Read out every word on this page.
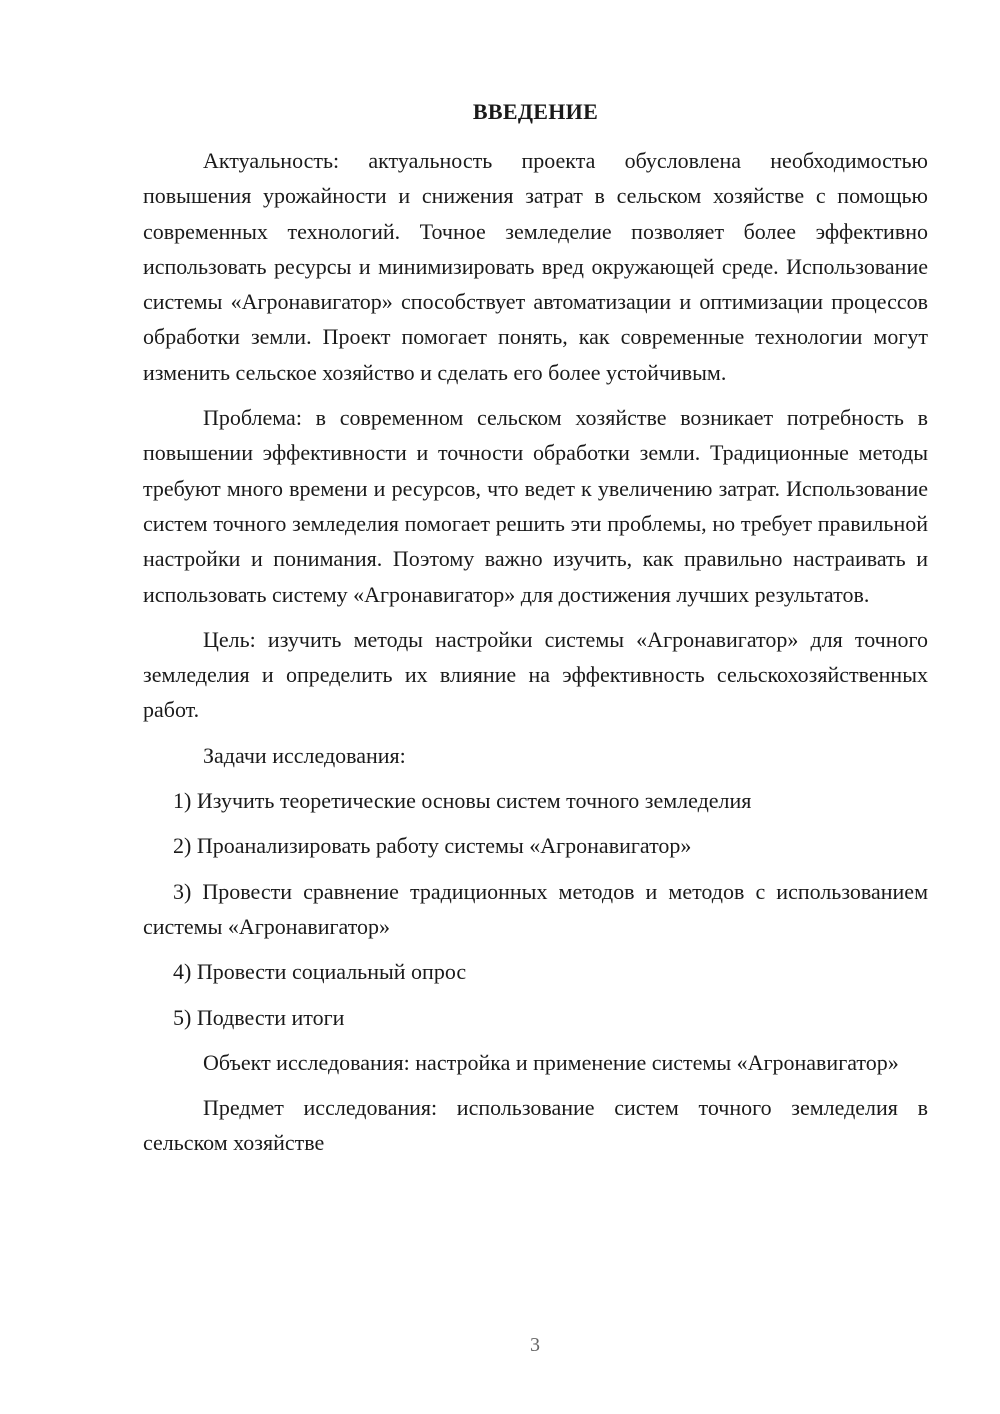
ВВЕДЕНИЕ

Актуальность: актуальность проекта обусловлена необходимостью повышения урожайности и снижения затрат в сельском хозяйстве с помощью современных технологий. Точное земледелие позволяет более эффективно использовать ресурсы и минимизировать вред окружающей среде. Использование системы «Агронавигатор» способствует автоматизации и оптимизации процессов обработки земли. Проект помогает понять, как современные технологии могут изменить сельское хозяйство и сделать его более устойчивым.

Проблема: в современном сельском хозяйстве возникает потребность в повышении эффективности и точности обработки земли. Традиционные методы требуют много времени и ресурсов, что ведет к увеличению затрат. Использование систем точного земледелия помогает решить эти проблемы, но требует правильной настройки и понимания. Поэтому важно изучить, как правильно настраивать и использовать систему «Агронавигатор» для достижения лучших результатов.

Цель: изучить методы настройки системы «Агронавигатор» для точного земледелия и определить их влияние на эффективность сельскохозяйственных работ.

Задачи исследования:

1) Изучить теоретические основы систем точного земледелия

2) Проанализировать работу системы «Агронавигатор»

3) Провести сравнение традиционных методов и методов с использованием системы «Агронавигатор»

4) Провести социальный опрос

5) Подвести итоги

Объект исследования: настройка и применение системы «Агронавигатор»

Предмет исследования: использование систем точного земледелия в сельском хозяйстве

3
